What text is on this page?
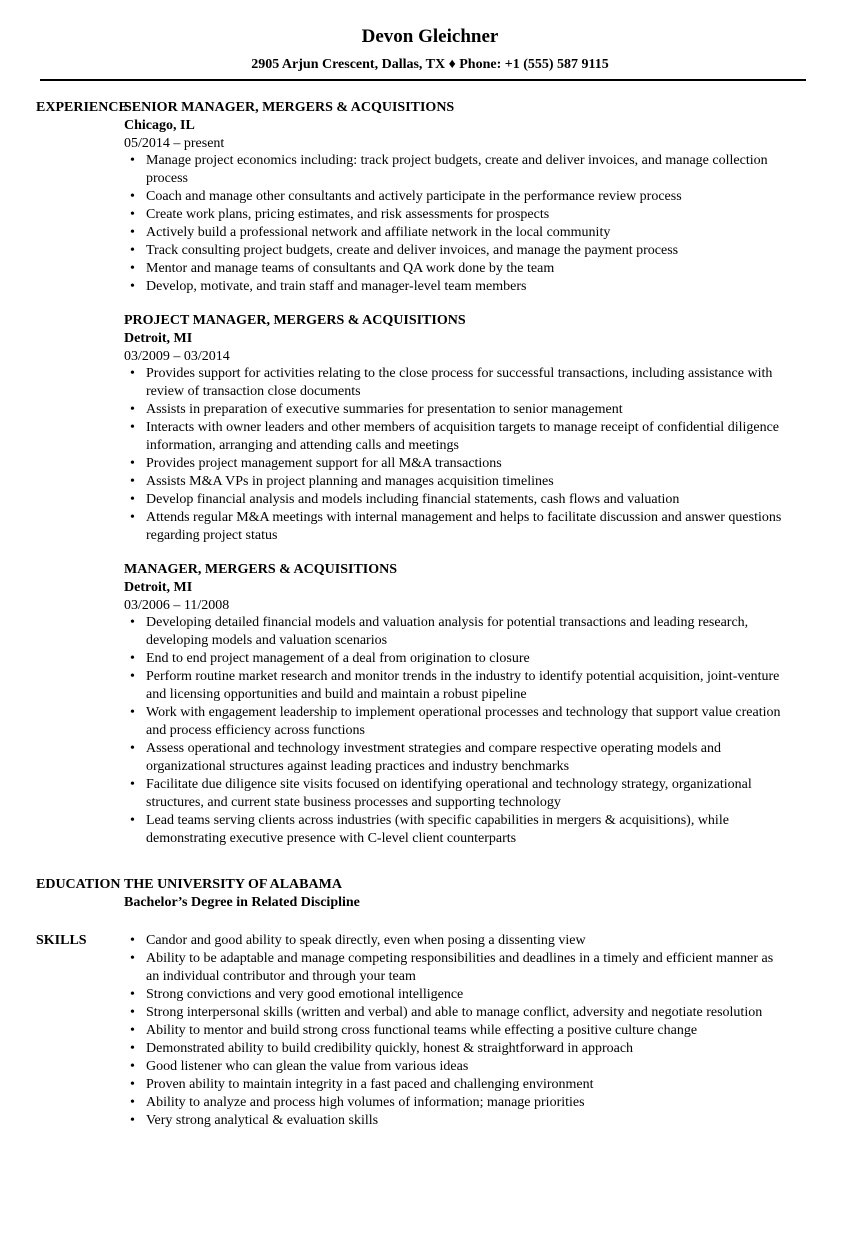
Devon Gleichner
2905 Arjun Crescent, Dallas, TX ♦ Phone: +1 (555) 587 9115
EXPERIENCE
SENIOR MANAGER, MERGERS & ACQUISITIONS
Chicago, IL
05/2014 – present
• Manage project economics including: track project budgets, create and deliver invoices, and manage collection process
• Coach and manage other consultants and actively participate in the performance review process
• Create work plans, pricing estimates, and risk assessments for prospects
• Actively build a professional network and affiliate network in the local community
• Track consulting project budgets, create and deliver invoices, and manage the payment process
• Mentor and manage teams of consultants and QA work done by the team
• Develop, motivate, and train staff and manager-level team members
PROJECT MANAGER, MERGERS & ACQUISITIONS
Detroit, MI
03/2009 – 03/2014
• Provides support for activities relating to the close process for successful transactions, including assistance with review of transaction close documents
• Assists in preparation of executive summaries for presentation to senior management
• Interacts with owner leaders and other members of acquisition targets to manage receipt of confidential diligence information, arranging and attending calls and meetings
• Provides project management support for all M&A transactions
• Assists M&A VPs in project planning and manages acquisition timelines
• Develop financial analysis and models including financial statements, cash flows and valuation
• Attends regular M&A meetings with internal management and helps to facilitate discussion and answer questions regarding project status
MANAGER, MERGERS & ACQUISITIONS
Detroit, MI
03/2006 – 11/2008
• Developing detailed financial models and valuation analysis for potential transactions and leading research, developing models and valuation scenarios
• End to end project management of a deal from origination to closure
• Perform routine market research and monitor trends in the industry to identify potential acquisition, joint-venture and licensing opportunities and build and maintain a robust pipeline
• Work with engagement leadership to implement operational processes and technology that support value creation and process efficiency across functions
• Assess operational and technology investment strategies and compare respective operating models and organizational structures against leading practices and industry benchmarks
• Facilitate due diligence site visits focused on identifying operational and technology strategy, organizational structures, and current state business processes and supporting technology
• Lead teams serving clients across industries (with specific capabilities in mergers & acquisitions), while demonstrating executive presence with C-level client counterparts
EDUCATION THE UNIVERSITY OF ALABAMA
Bachelor’s Degree in Related Discipline
SKILLS
•	Candor and good ability to speak directly, even when posing a dissenting view
• Ability to be adaptable and manage competing responsibilities and deadlines in a timely and efficient manner as an individual contributor and through your team
• Strong convictions and very good emotional intelligence
• Strong interpersonal skills (written and verbal) and able to manage conflict, adversity and negotiate resolution
• Ability to mentor and build strong cross functional teams while effecting a positive culture change
• Demonstrated ability to build credibility quickly, honest & straightforward in approach
• Good listener who can glean the value from various ideas
• Proven ability to maintain integrity in a fast paced and challenging environment
• Ability to analyze and process high volumes of information; manage priorities
• Very strong analytical & evaluation skills
